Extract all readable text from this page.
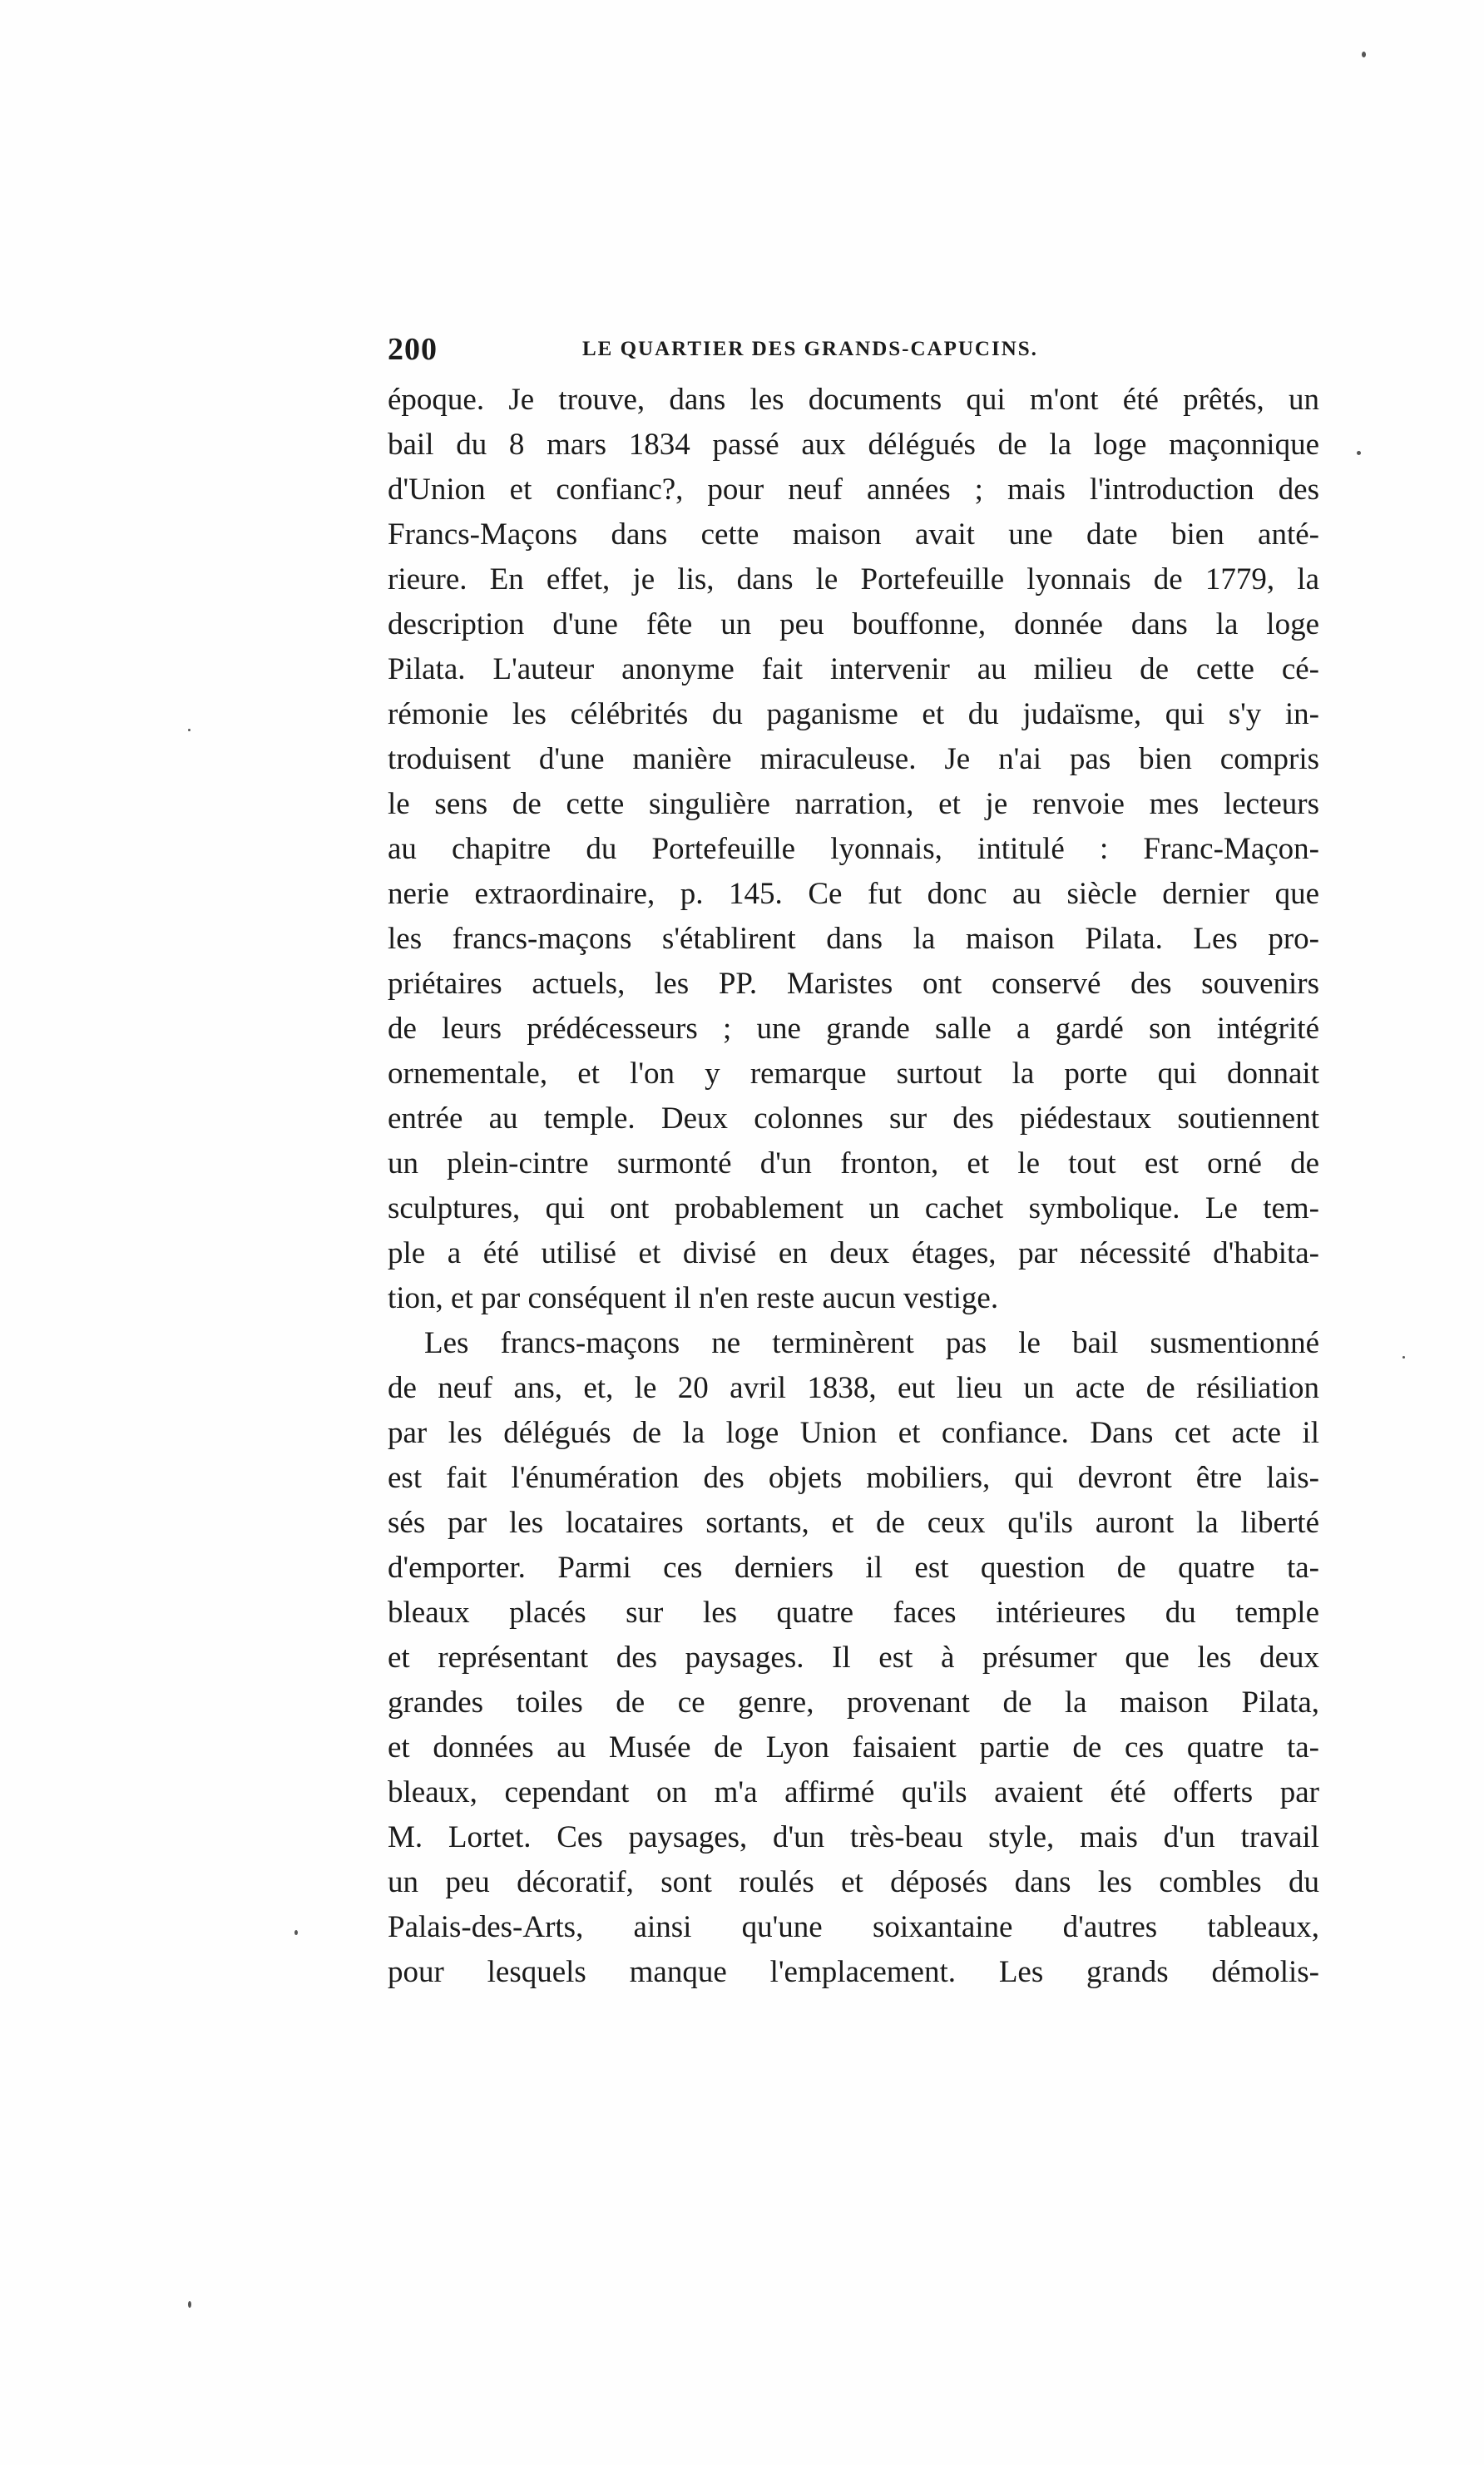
200	LE QUARTIER DES GRANDS-CAPUCINS.
époque. Je trouve, dans les documents qui m'ont été prêtés, un
bail du 8 mars 1834 passé aux délégués de la loge maçonnique
d'Union et confianc?, pour neuf années ; mais l'introduction des
Francs-Maçons dans cette maison avait une date bien anté-
rieure. En effet, je lis, dans le Portefeuille lyonnais de 1779, la
description d'une fête un peu bouffonne, donnée dans la loge
Pilata. L'auteur anonyme fait intervenir au milieu de cette cé-
rémonie les célébrités du paganisme et du judaïsme, qui s'y in-
troduisent d'une manière miraculeuse. Je n'ai pas bien compris
le sens de cette singulière narration, et je renvoie mes lecteurs
au chapitre du Portefeuille lyonnais, intitulé : Franc-Maçon-
nerie extraordinaire, p. 145. Ce fut donc au siècle dernier que
les francs-maçons s'établirent dans la maison Pilata. Les pro-
priétaires actuels, les PP. Maristes ont conservé des souvenirs
de leurs prédécesseurs ; une grande salle a gardé son intégrité
ornementale, et l'on y remarque surtout la porte qui donnait
entrée au temple. Deux colonnes sur des piédestaux soutiennent
un plein-cintre surmonté d'un fronton, et le tout est orné de
sculptures, qui ont probablement un cachet symbolique. Le tem-
ple a été utilisé et divisé en deux étages, par nécessité d'habita-
tion, et par conséquent il n'en reste aucun vestige.
Les francs-maçons ne terminèrent pas le bail susmentionné
de neuf ans, et, le 20 avril 1838, eut lieu un acte de résiliation
par les délégués de la loge Union et confiance. Dans cet acte il
est fait l'énumération des objets mobiliers, qui devront être lais-
sés par les locataires sortants, et de ceux qu'ils auront la liberté
d'emporter. Parmi ces derniers il est question de quatre ta-
bleaux placés sur les quatre faces intérieures du temple
et représentant des paysages. Il est à présumer que les deux
grandes toiles de ce genre, provenant de la maison Pilata,
et données au Musée de Lyon faisaient partie de ces quatre ta-
bleaux, cependant on m'a affirmé qu'ils avaient été offerts par
M. Lortet. Ces paysages, d'un très-beau style, mais d'un travail
un peu décoratif, sont roulés et déposés dans les combles du
Palais-des-Arts, ainsi qu'une soixantaine d'autres tableaux,
pour lesquels manque l'emplacement. Les grands démolis-
